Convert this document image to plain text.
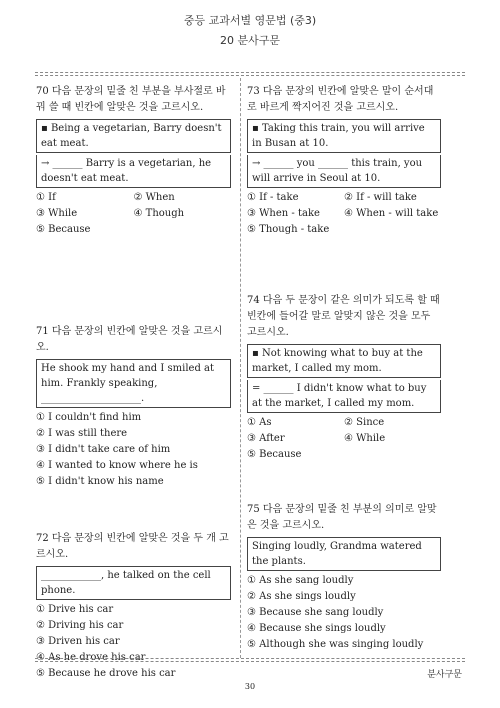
중등 교과서별 영문법 (중3)
20 분사구문

70 다음 문장의 밑줄 친 부분을 부사절로 바꿔 쓸 때 빈칸에 알맞은 것을 고르시오.

▪ Being a vegetarian, Barry doesn't eat meat.
→ ______ Barry is a vegetarian, he doesn't eat meat.
① If	② When
③ While	④ Though
⑤ Because

71 다음 문장의 빈칸에 알맞은 것을 고르시오.

He shook my hand and I smiled at him. Frankly speaking, ____________________.
① I couldn't find him
② I was still there
③ I didn't take care of him
④ I wanted to know where he is
⑤ I didn't know his name

72 다음 문장의 빈칸에 알맞은 것을 두 개 고르시오.

____________, he talked on the cell phone.
① Drive his car
② Driving his car
③ Driven his car
④ As he drove his car
⑤ Because he drove his car

73 다음 문장의 빈칸에 알맞은 말이 순서대로 바르게 짝지어진 것을 고르시오.

▪ Taking this train, you will arrive in Busan at 10.
→ ______ you ______ this train, you will arrive in Seoul at 10.
① If - take	② If - will take
③ When - take	④ When - will take
⑤ Though - take

74 다음 두 문장이 같은 의미가 되도록 할 때 빈칸에 들어갈 말로 알맞지 않은 것을 모두 고르시오.

▪ Not knowing what to buy at the market, I called my mom.
= ______ I didn't know what to buy at the market, I called my mom.
① As	② Since
③ After	④ While
⑤ Because

75 다음 문장의 밑줄 친 부분의 의미로 알맞은 것을 고르시오.

Singing loudly, Grandma watered the plants.
① As she sang loudly
② As she sings loudly
③ Because she sang loudly
④ Because she sings loudly
⑤ Although she was singing loudly
분사구문
30
